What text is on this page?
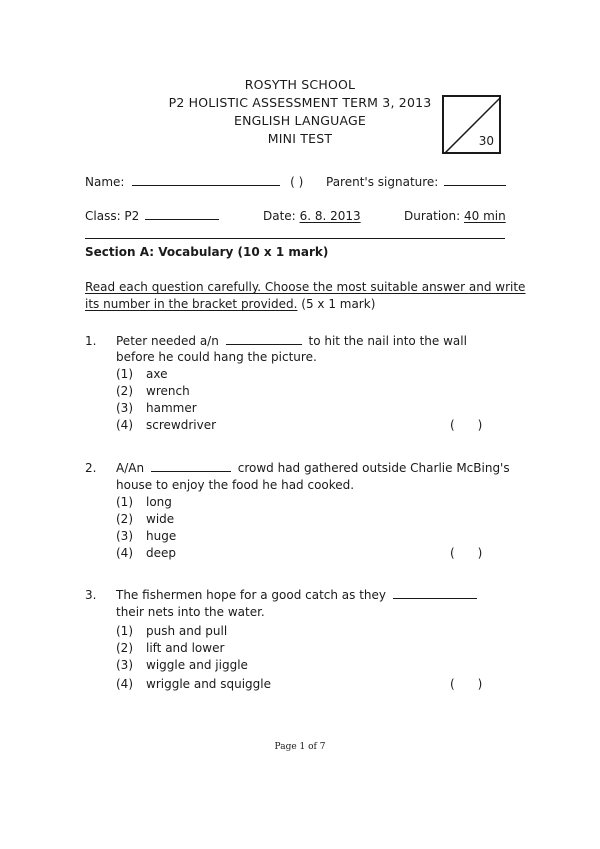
ROSYTH SCHOOL
P2 HOLISTIC ASSESSMENT TERM 3, 2013
ENGLISH LANGUAGE
MINI TEST	30
Name:	( ) Parent's signature:
Class: P2	Date: 6. 8. 2013	Duration: 40 min
Section A: Vocabulary (10 x 1 mark)
Read each question carefully. Choose the most suitable answer and write
its number in the bracket provided. (5 x 1 mark)
1. Peter needed a/n	to hit the nail into the wall
before he could hang the picture.
(1) axe
(2) wrench
(3) hammer
(4) screwdriver	(      )
2. A/An	crowd had gathered outside Charlie McBing's
house to enjoy the food he had cooked.
(1) long
(2) wide
(3) huge
(4) deep	(      )
3. The fishermen hope for a good catch as they
their nets into the water.
(1) push and pull
(2) lift and lower
(3) wiggle and jiggle
(4) wriggle and squiggle	(      )
Page 1 of 7
